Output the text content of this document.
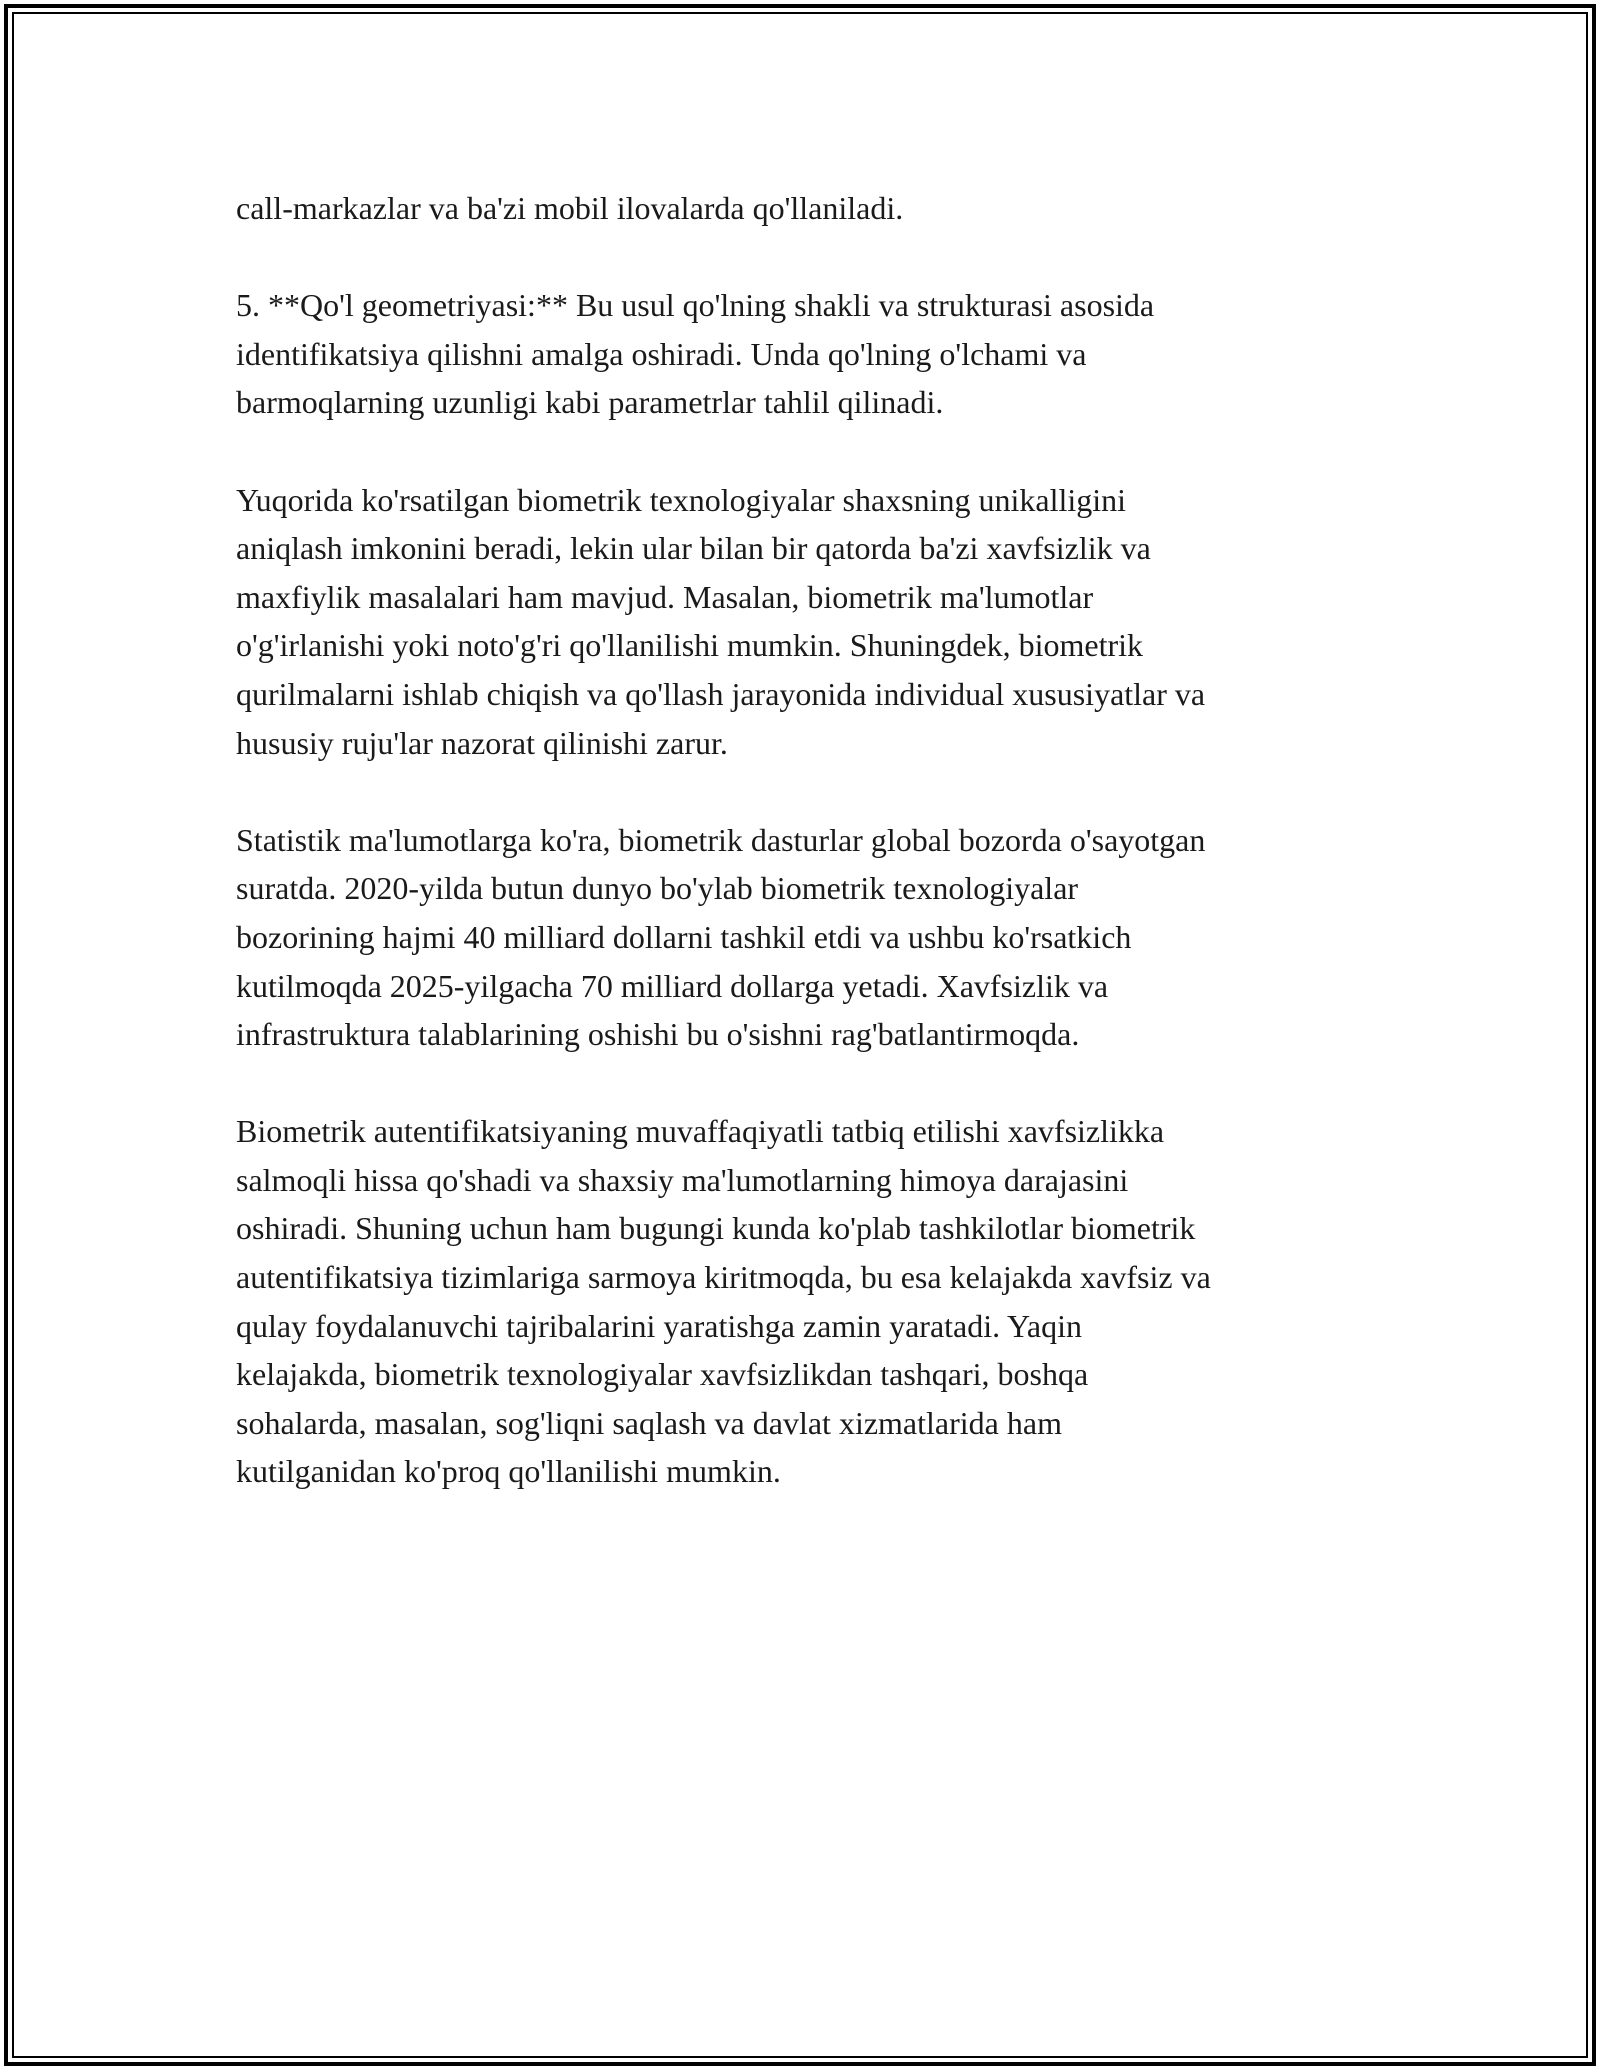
call-markazlar va ba'zi mobil ilovalarda qo'llaniladi.

5. **Qo'l geometriyasi:** Bu usul qo'lning shakli va strukturasi asosida
identifikatsiya qilishni amalga oshiradi. Unda qo'lning o'lchami va
barmoqlarning uzunligi kabi parametrlar tahlil qilinadi.

Yuqorida ko'rsatilgan biometrik texnologiyalar shaxsning unikalligini
aniqlash imkonini beradi, lekin ular bilan bir qatorda ba'zi xavfsizlik va
maxfiylik masalalari ham mavjud. Masalan, biometrik ma'lumotlar
o'g'irlanishi yoki noto'g'ri qo'llanilishi mumkin. Shuningdek, biometrik
qurilmalarni ishlab chiqish va qo'llash jarayonida individual xususiyatlar va
hususiy ruju'lar nazorat qilinishi zarur.

Statistik ma'lumotlarga ko'ra, biometrik dasturlar global bozorda o'sayotgan
suratda. 2020-yilda butun dunyo bo'ylab biometrik texnologiyalar
bozorining hajmi 40 milliard dollarni tashkil etdi va ushbu ko'rsatkich
kutilmoqda 2025-yilgacha 70 milliard dollarga yetadi. Xavfsizlik va
infrastruktura talablarining oshishi bu o'sishni rag'batlantirmoqda.

Biometrik autentifikatsiyaning muvaffaqiyatli tatbiq etilishi xavfsizlikka
salmoqli hissa qo'shadi va shaxsiy ma'lumotlarning himoya darajasini
oshiradi. Shuning uchun ham bugungi kunda ko'plab tashkilotlar biometrik
autentifikatsiya tizimlariga sarmoya kiritmoqda, bu esa kelajakda xavfsiz va
qulay foydalanuvchi tajribalarini yaratishga zamin yaratadi. Yaqin
kelajakda, biometrik texnologiyalar xavfsizlikdan tashqari, boshqa
sohalarda, masalan, sog'liqni saqlash va davlat xizmatlarida ham
kutilganidan ko'proq qo'llanilishi mumkin.
